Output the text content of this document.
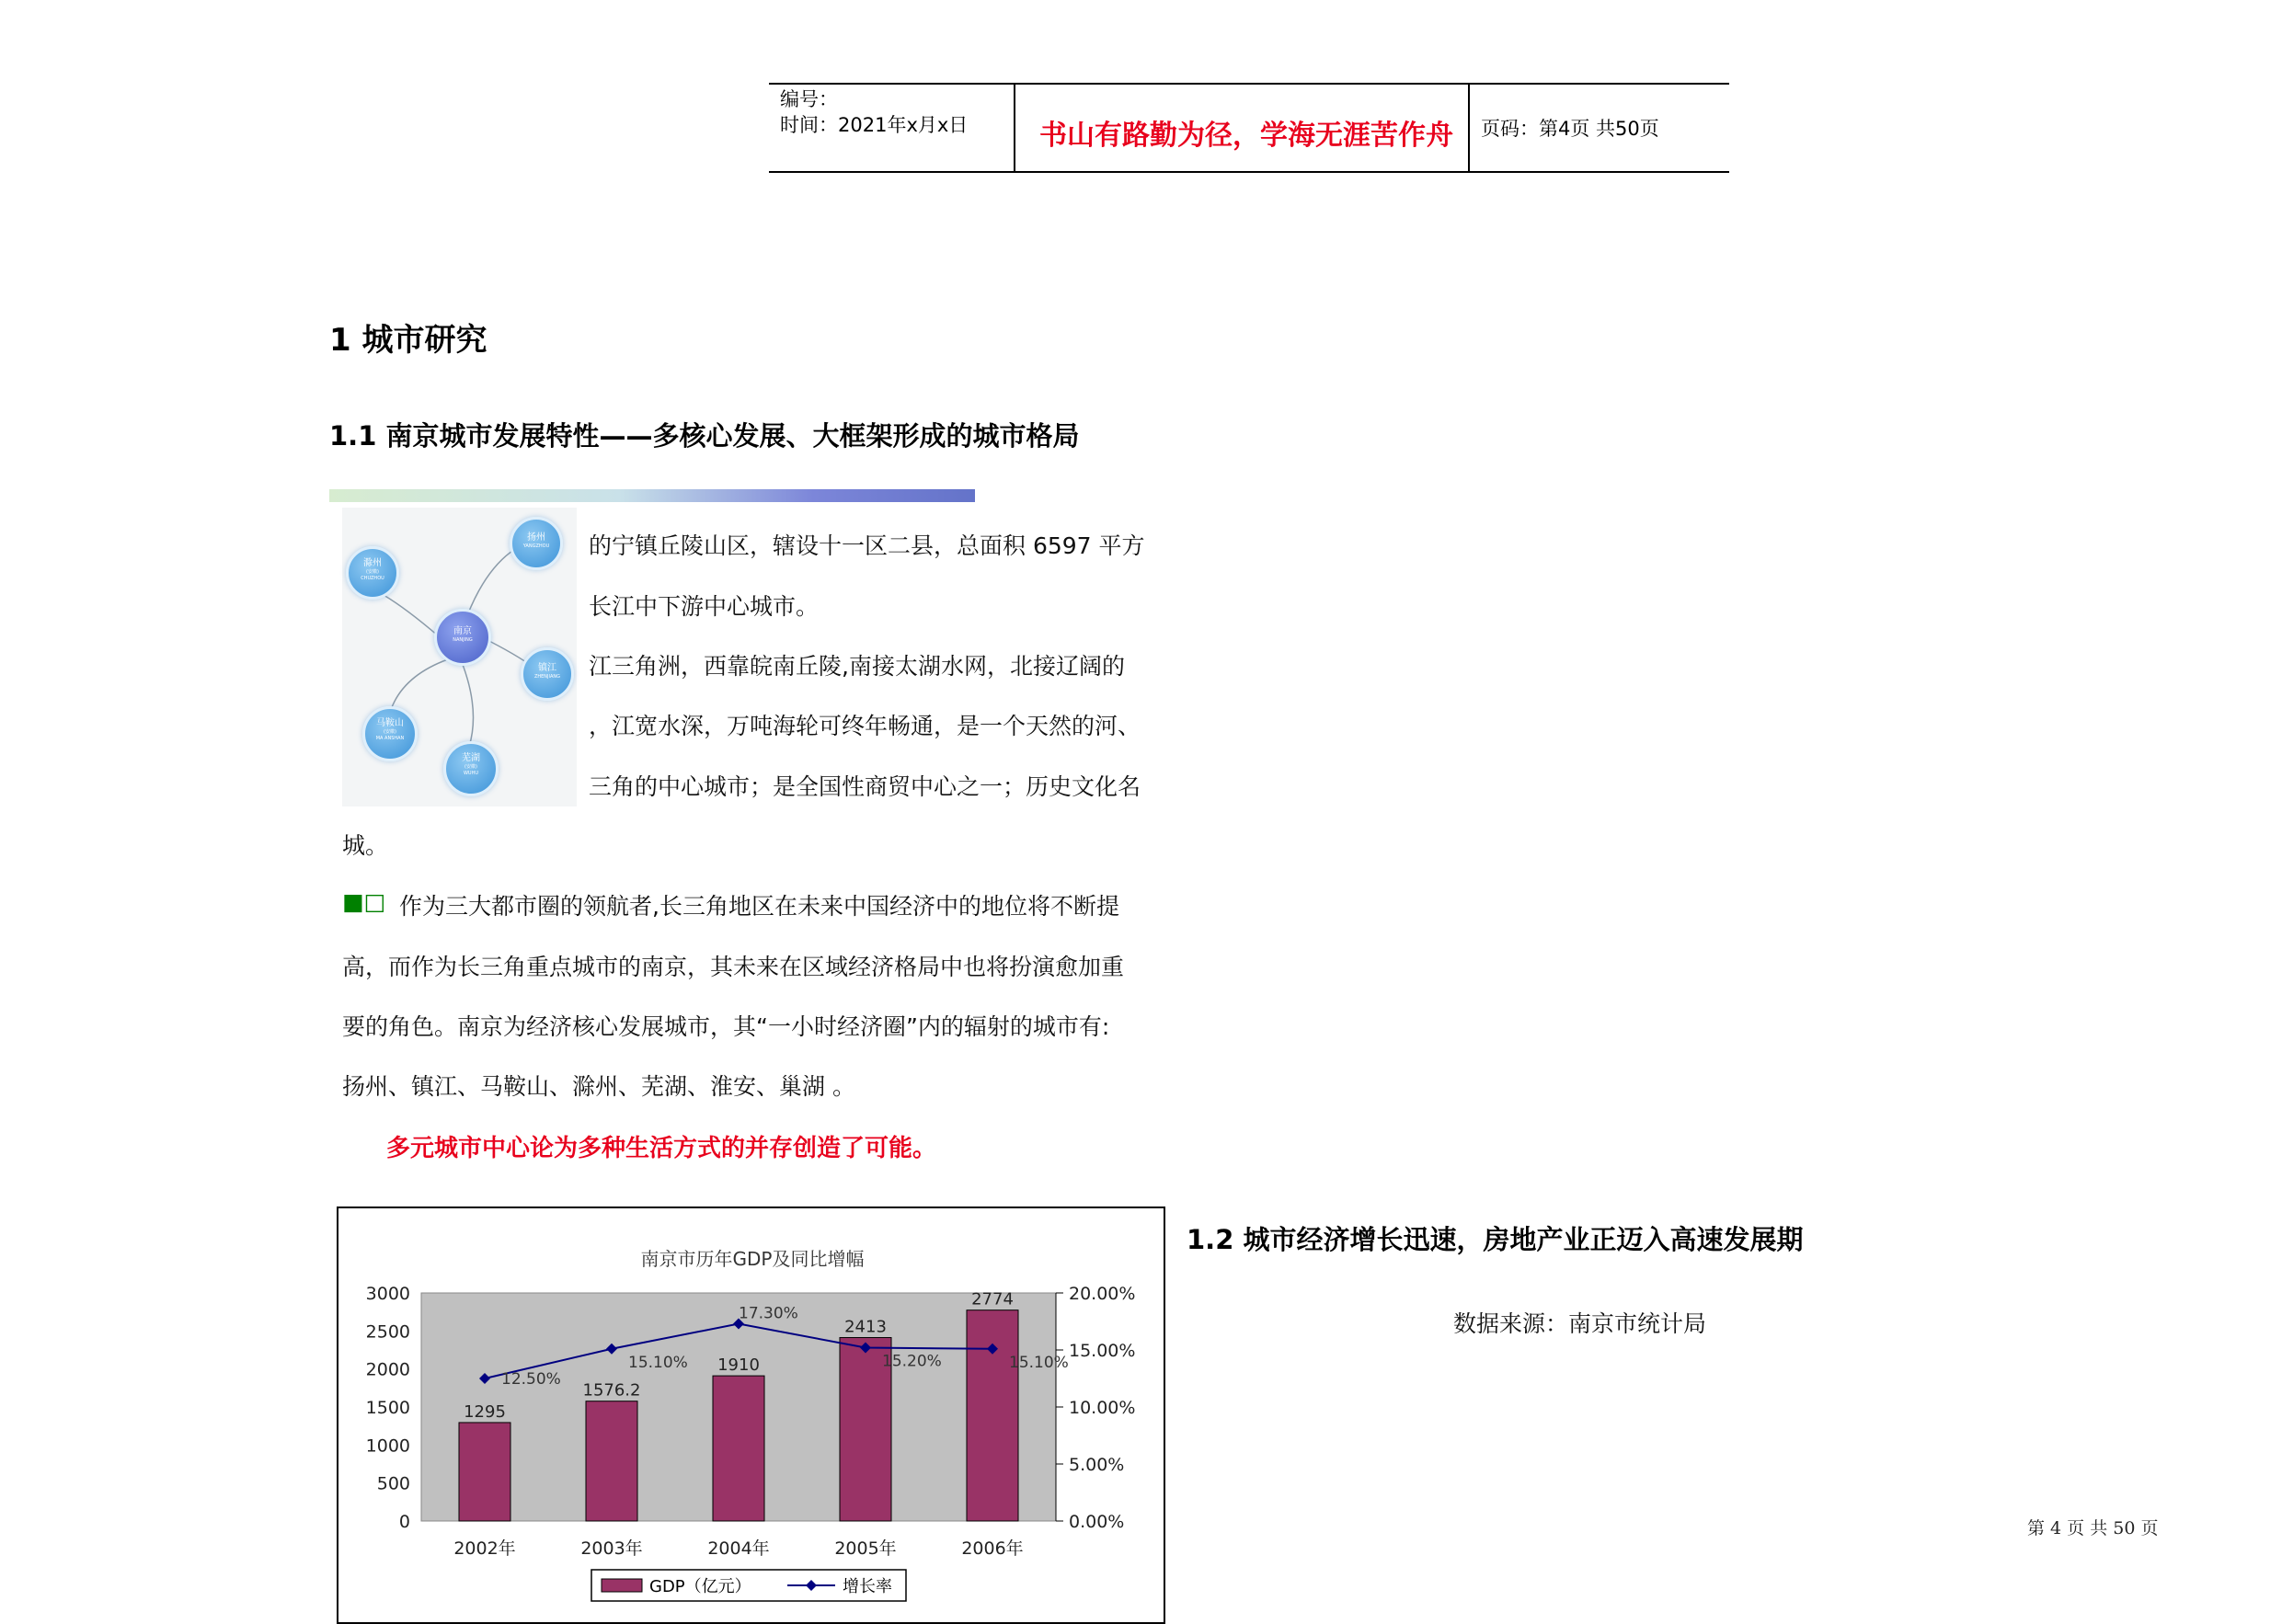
编号：
时间：2021年x月x日	书山有路勤为径，学海无涯苦作舟 页码：第4页 共50页
1 城市研究
1.1 南京城市发展特性——多核心发展、大框架形成的城市格局
扬州
YANGZHOU
滁州
(安徽)
CHUZHOU
南京
NANJING
镇江
ZHENJIANG
马鞍山
(安徽)
MA ANSHAN
芜湖
(安徽)
WUHU
的宁镇丘陵山区，辖设十一区二县，总面积 6597 平方
长江中下游中心城市。
江三角洲，西靠皖南丘陵,南接太湖水网，北接辽阔的
，江宽水深，万吨海轮可终年畅通，是一个天然的河、
三角的中心城市；是全国性商贸中心之一；历史文化名
城。
■□ 作为三大都市圈的领航者,长三角地区在未来中国经济中的地位将不断提
高，而作为长三角重点城市的南京，其未来在区域经济格局中也将扮演愈加重
要的角色。南京为经济核心发展城市，其“一小时经济圈”内的辐射的城市有:
扬州、镇江、马鞍山、滁州、芜湖、淮安、巢湖 。
多元城市中心论为多种生活方式的并存创造了可能。
1.2 城市经济增长迅速，房地产业正迈入高速发展期
数据来源：南京市统计局
南京市历年GDP及同比增幅
0
500
1000
1500
2000
2500
3000
0.00%
5.00%
10.00%
15.00%
20.00%
1295
1576.2
1910
2413
2774
12.50%
15.10%
17.30%
15.20%	15.10%
2002年	2003年	2004年	2005年	2006年
GDP（亿元）	增长率
第 4 页 共 50 页
